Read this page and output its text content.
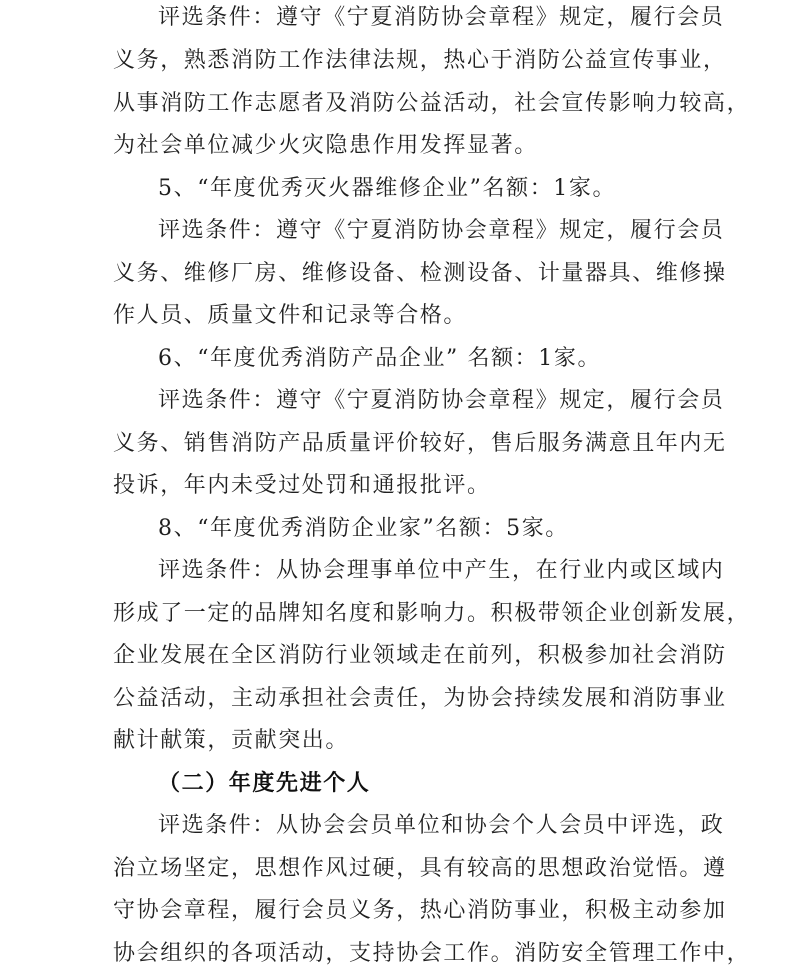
评选条件：遵守《宁夏消防协会章程》规定，履行会员
义务，熟悉消防工作法律法规，热心于消防公益宣传事业，
从事消防工作志愿者及消防公益活动，社会宣传影响力较高，
为社会单位减少火灾隐患作用发挥显著。
5、“年度优秀灭火器维修企业”名额：1家。
评选条件：遵守《宁夏消防协会章程》规定，履行会员
义务、维修厂房、维修设备、检测设备、计量器具、维修操
作人员、质量文件和记录等合格。
6、“年度优秀消防产品企业” 名额：1家。
评选条件：遵守《宁夏消防协会章程》规定，履行会员
义务、销售消防产品质量评价较好，售后服务满意且年内无
投诉，年内未受过处罚和通报批评。
8、“年度优秀消防企业家”名额：5家。
评选条件：从协会理事单位中产生，在行业内或区域内
形成了一定的品牌知名度和影响力。积极带领企业创新发展，
企业发展在全区消防行业领域走在前列，积极参加社会消防
公益活动，主动承担社会责任，为协会持续发展和消防事业
献计献策，贡献突出。
（二）年度先进个人
评选条件：从协会会员单位和协会个人会员中评选，政
治立场坚定，思想作风过硬，具有较高的思想政治觉悟。遵
守协会章程，履行会员义务，热心消防事业，积极主动参加
协会组织的各项活动，支持协会工作。消防安全管理工作中，
